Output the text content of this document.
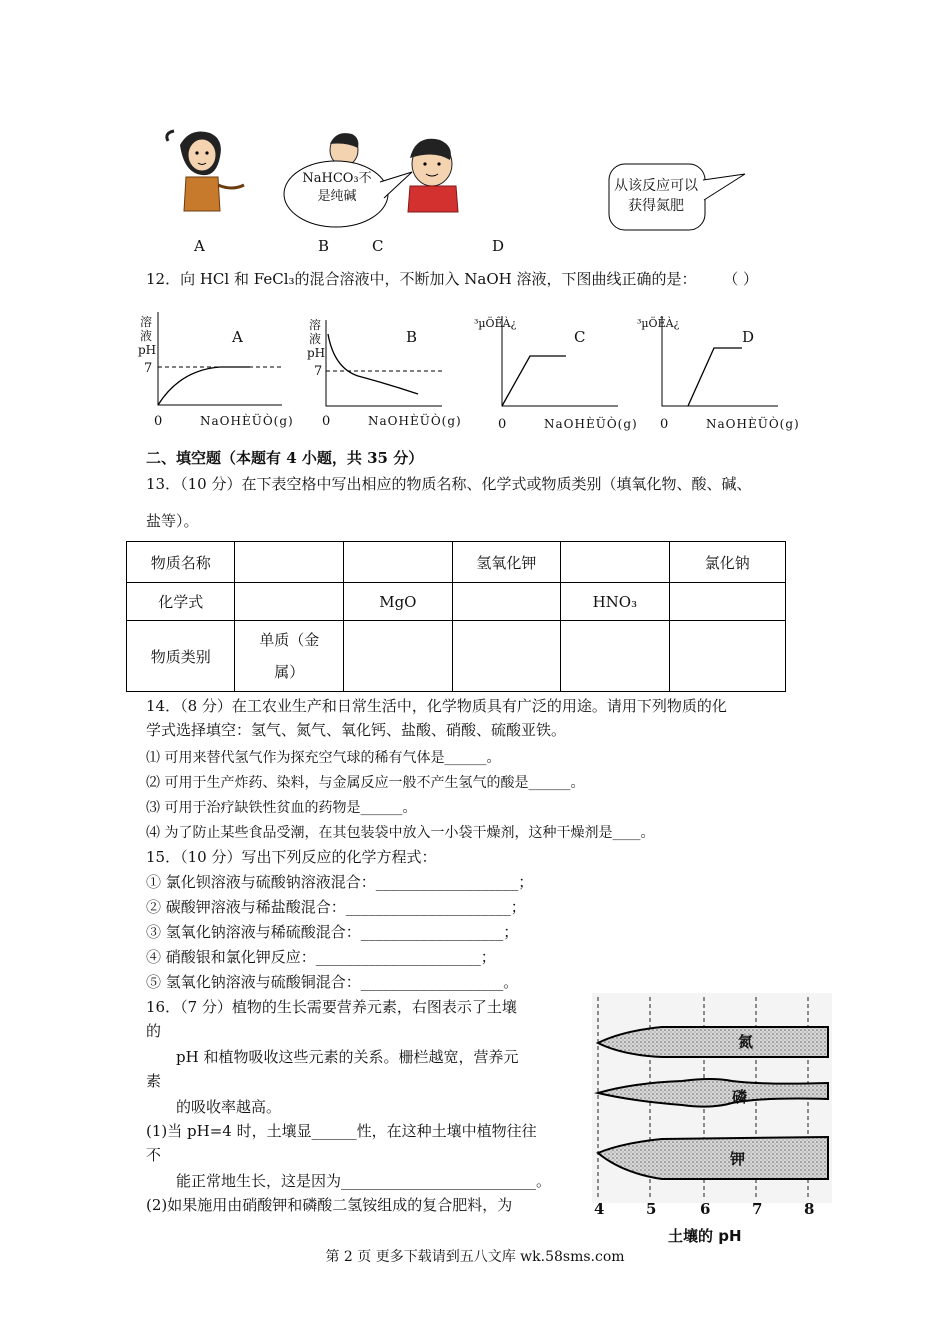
NaHCO₃不是纯碱
从该反应可以获得氮肥
A	B	C	D
12．向 HCl 和 FeCl₃的混合溶液中，不断加入 NaOH 溶液，下图曲线正确的是： （ ）
溶液pH
7
0	NaOHÈÜÒ(g)
A
溶液pH
7
0	NaOHÈÜÒ(g)
B
³µÖÊÀ¿
0	NaOHÈÜÒ(g)
C
³µÖÊÀ¿
0	NaOHÈÜÒ(g)
D
二、填空题（本题有 4 小题，共 35 分）
13．（10 分）在下表空格中写出相应的物质名称、化学式或物质类别（填氧化物、酸、碱、
盐等）。
物质名称			氢氧化钾		氯化钠
化学式		MgO		HNO₃	
物质类别	单质（金属）				
14．（8 分）在工农业生产和日常生活中，化学物质具有广泛的用途。请用下列物质的化
学式选择填空：氢气、氮气、氧化钙、盐酸、硝酸、硫酸亚铁。
⑴ 可用来替代氢气作为探充空气球的稀有气体是______。
⑵ 可用于生产炸药、染料，与金属反应一般不产生氢气的酸是______。
⑶ 可用于治疗缺铁性贫血的药物是______。
⑷ 为了防止某些食品受潮，在其包装袋中放入一小袋干燥剂，这种干燥剂是____。
15．（10 分）写出下列反应的化学方程式：
① 氯化钡溶液与硫酸钠溶液混合：___________________；
② 碳酸钾溶液与稀盐酸混合：______________________；
③ 氢氧化钠溶液与稀硫酸混合：___________________；
④ 硝酸银和氯化钾反应：______________________；
⑤ 氢氧化钠溶液与硫酸铜混合：___________________。
16．（7 分）植物的生长需要营养元素，右图表示了土壤
的
pH 和植物吸收这些元素的关系。栅栏越宽，营养元
素
的吸收率越高。
(1)当 pH=4 时，土壤显______性，在这种土壤中植物往往
不
能正常地生长，这是因为__________________________。
(2)如果施用由硝酸钾和磷酸二氢铵组成的复合肥料，为
氮
磷
钾
4	5	6	7	8
土壤的 pH
第 2 页 更多下载请到五八文库 wk.58sms.com
